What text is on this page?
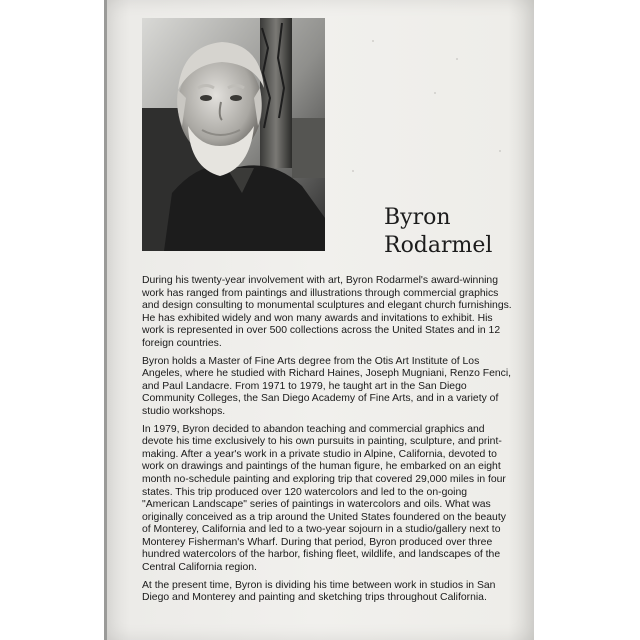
Byron
Rodarmel

During his twenty-year involvement with art, Byron Rodarmel's award-winning work has ranged from paintings and illustrations through commercial graphics and design consulting to monumental sculptures and elegant church furnishings. He has exhibited widely and won many awards and invitations to exhibit. His work is represented in over 500 collections across the United States and in 12 foreign countries.

Byron holds a Master of Fine Arts degree from the Otis Art Institute of Los Angeles, where he studied with Richard Haines, Joseph Mugniani, Renzo Fenci, and Paul Landacre. From 1971 to 1979, he taught art in the San Diego Community Colleges, the San Diego Academy of Fine Arts, and in a variety of studio workshops.

In 1979, Byron decided to abandon teaching and commercial graphics and devote his time exclusively to his own pursuits in painting, sculpture, and print-making. After a year's work in a private studio in Alpine, California, devoted to work on drawings and paintings of the human figure, he embarked on an eight month no-schedule painting and exploring trip that covered 29,000 miles in four states. This trip produced over 120 watercolors and led to the on-going "American Landscape" series of paintings in watercolors and oils. What was originally conceived as a trip around the United States foundered on the beauty of Monterey, California and led to a two-year sojourn in a studio/gallery next to Monterey Fisherman's Wharf. During that period, Byron produced over three hundred watercolors of the harbor, fishing fleet, wildlife, and landscapes of the Central California region.

At the present time, Byron is dividing his time between work in studios in San Diego and Monterey and painting and sketching trips throughout California.
